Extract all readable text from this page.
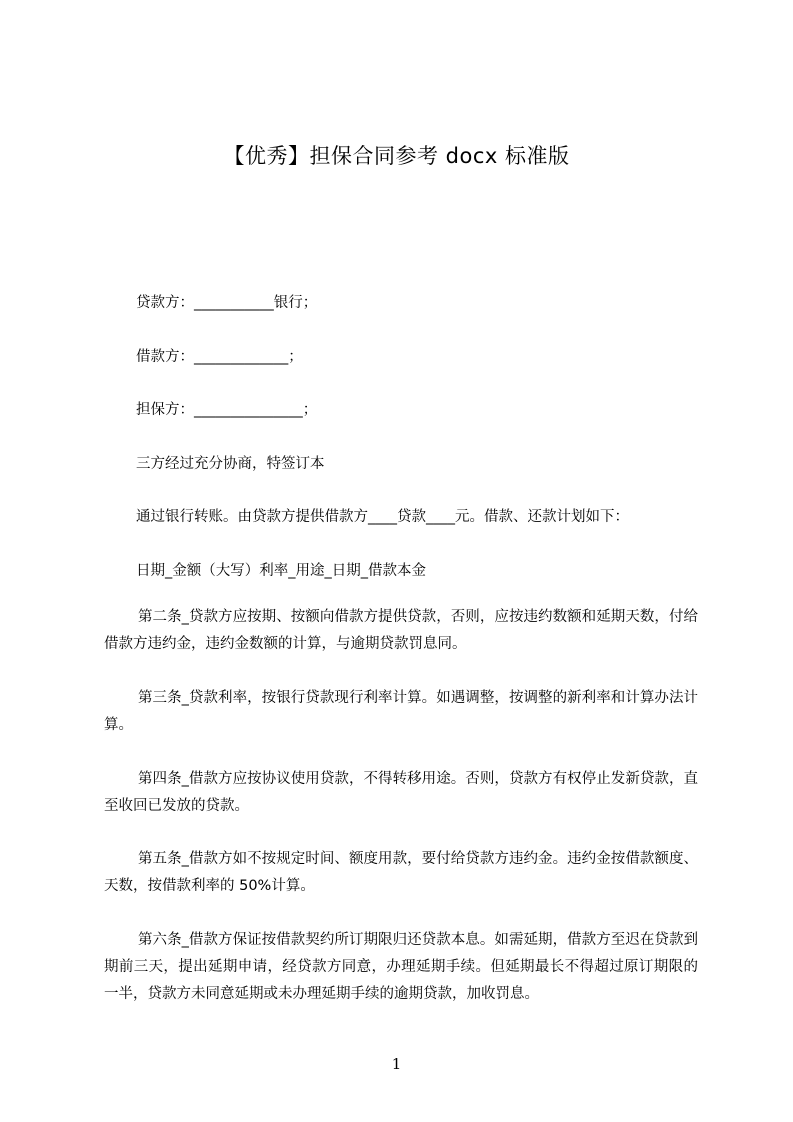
【优秀】担保合同参考 docx 标准版
贷款方：___________银行；
借款方：_____________；
担保方：_______________；
三方经过充分协商，特签订本
通过银行转账。由贷款方提供借款方____贷款____元。借款、还款计划如下：
日期_金额（大写）利率_用途_日期_借款本金
第二条_贷款方应按期、按额向借款方提供贷款，否则，应按违约数额和延期天数，付给借款方违约金，违约金数额的计算，与逾期贷款罚息同。
第三条_贷款利率，按银行贷款现行利率计算。如遇调整，按调整的新利率和计算办法计算。
第四条_借款方应按协议使用贷款，不得转移用途。否则，贷款方有权停止发新贷款，直至收回已发放的贷款。
第五条_借款方如不按规定时间、额度用款，要付给贷款方违约金。违约金按借款额度、天数，按借款利率的 50%计算。
第六条_借款方保证按借款契约所订期限归还贷款本息。如需延期，借款方至迟在贷款到期前三天，提出延期申请，经贷款方同意，办理延期手续。但延期最长不得超过原订期限的一半，贷款方未同意延期或未办理延期手续的逾期贷款，加收罚息。
1
